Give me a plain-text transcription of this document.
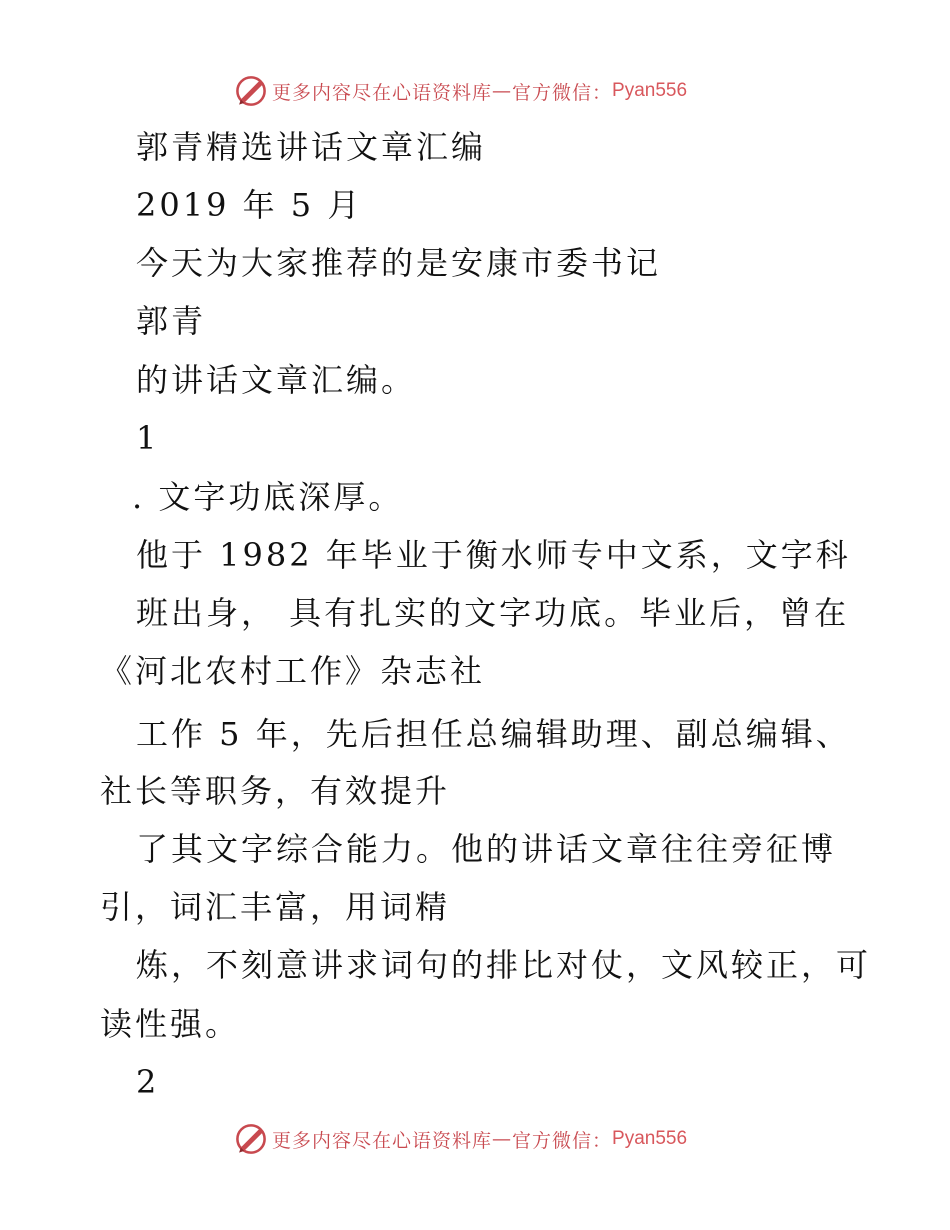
更多内容尽在心语资料库 — 官方微信： Pyan556
郭青精选讲话文章汇编
2019 年 5 月
今天为大家推荐的是安康市委书记
郭青
的讲话文章汇编。
1
. 文字功底深厚。
他于 1982 年毕业于衡水师专中文系，文字科
班出身， 具有扎实的文字功底。毕业后，曾在
《河北农村工作》杂志社
工作 5 年，先后担任总编辑助理、副总编辑、
社长等职务，有效提升
了其文字综合能力。他的讲话文章往往旁征博
引，词汇丰富，用词精
炼，不刻意讲求词句的排比对仗，文风较正，可
读性强。
2
更多内容尽在心语资料库 — 官方微信： Pyan556
